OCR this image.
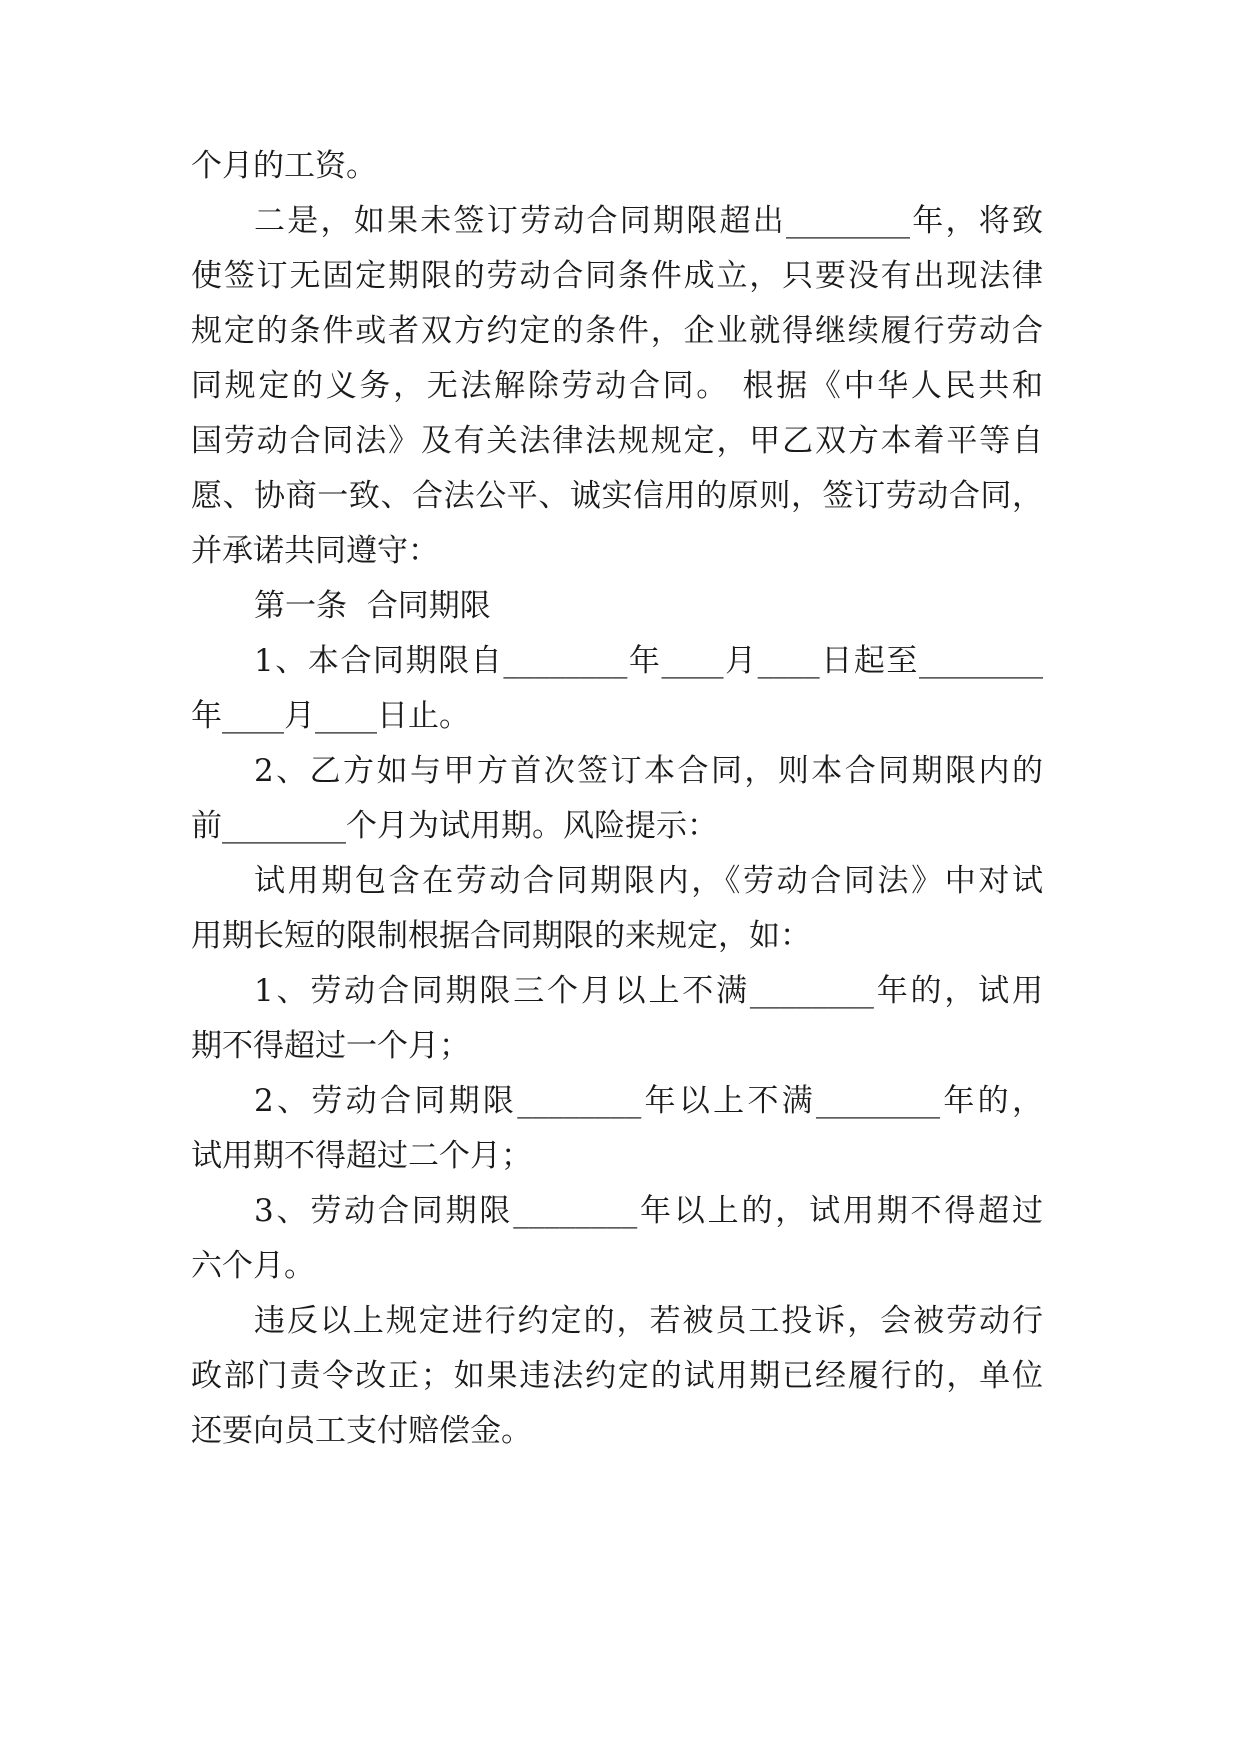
个月的工资。
二是，如果未签订劳动合同期限超出________年，将致
使签订无固定期限的劳动合同条件成立，只要没有出现法律
规定的条件或者双方约定的条件，企业就得继续履行劳动合
同规定的义务，无法解除劳动合同。 根据《中华人民共和
国劳动合同法》及有关法律法规规定，甲乙双方本着平等自
愿、协商一致、合法公平、诚实信用的原则，签订劳动合同，
并承诺共同遵守：
第一条  合同期限
1、本合同期限自________年____月____日起至________
年____月____日止。
2、乙方如与甲方首次签订本合同，则本合同期限内的
前________个月为试用期。风险提示：
试用期包含在劳动合同期限内，《劳动合同法》中对试
用期长短的限制根据合同期限的来规定，如：
1、劳动合同期限三个月以上不满________年的，试用
期不得超过一个月；
2、劳动合同期限________年以上不满________年的，
试用期不得超过二个月；
3、劳动合同期限________年以上的，试用期不得超过
六个月。
违反以上规定进行约定的，若被员工投诉，会被劳动行
政部门责令改正；如果违法约定的试用期已经履行的，单位
还要向员工支付赔偿金。
